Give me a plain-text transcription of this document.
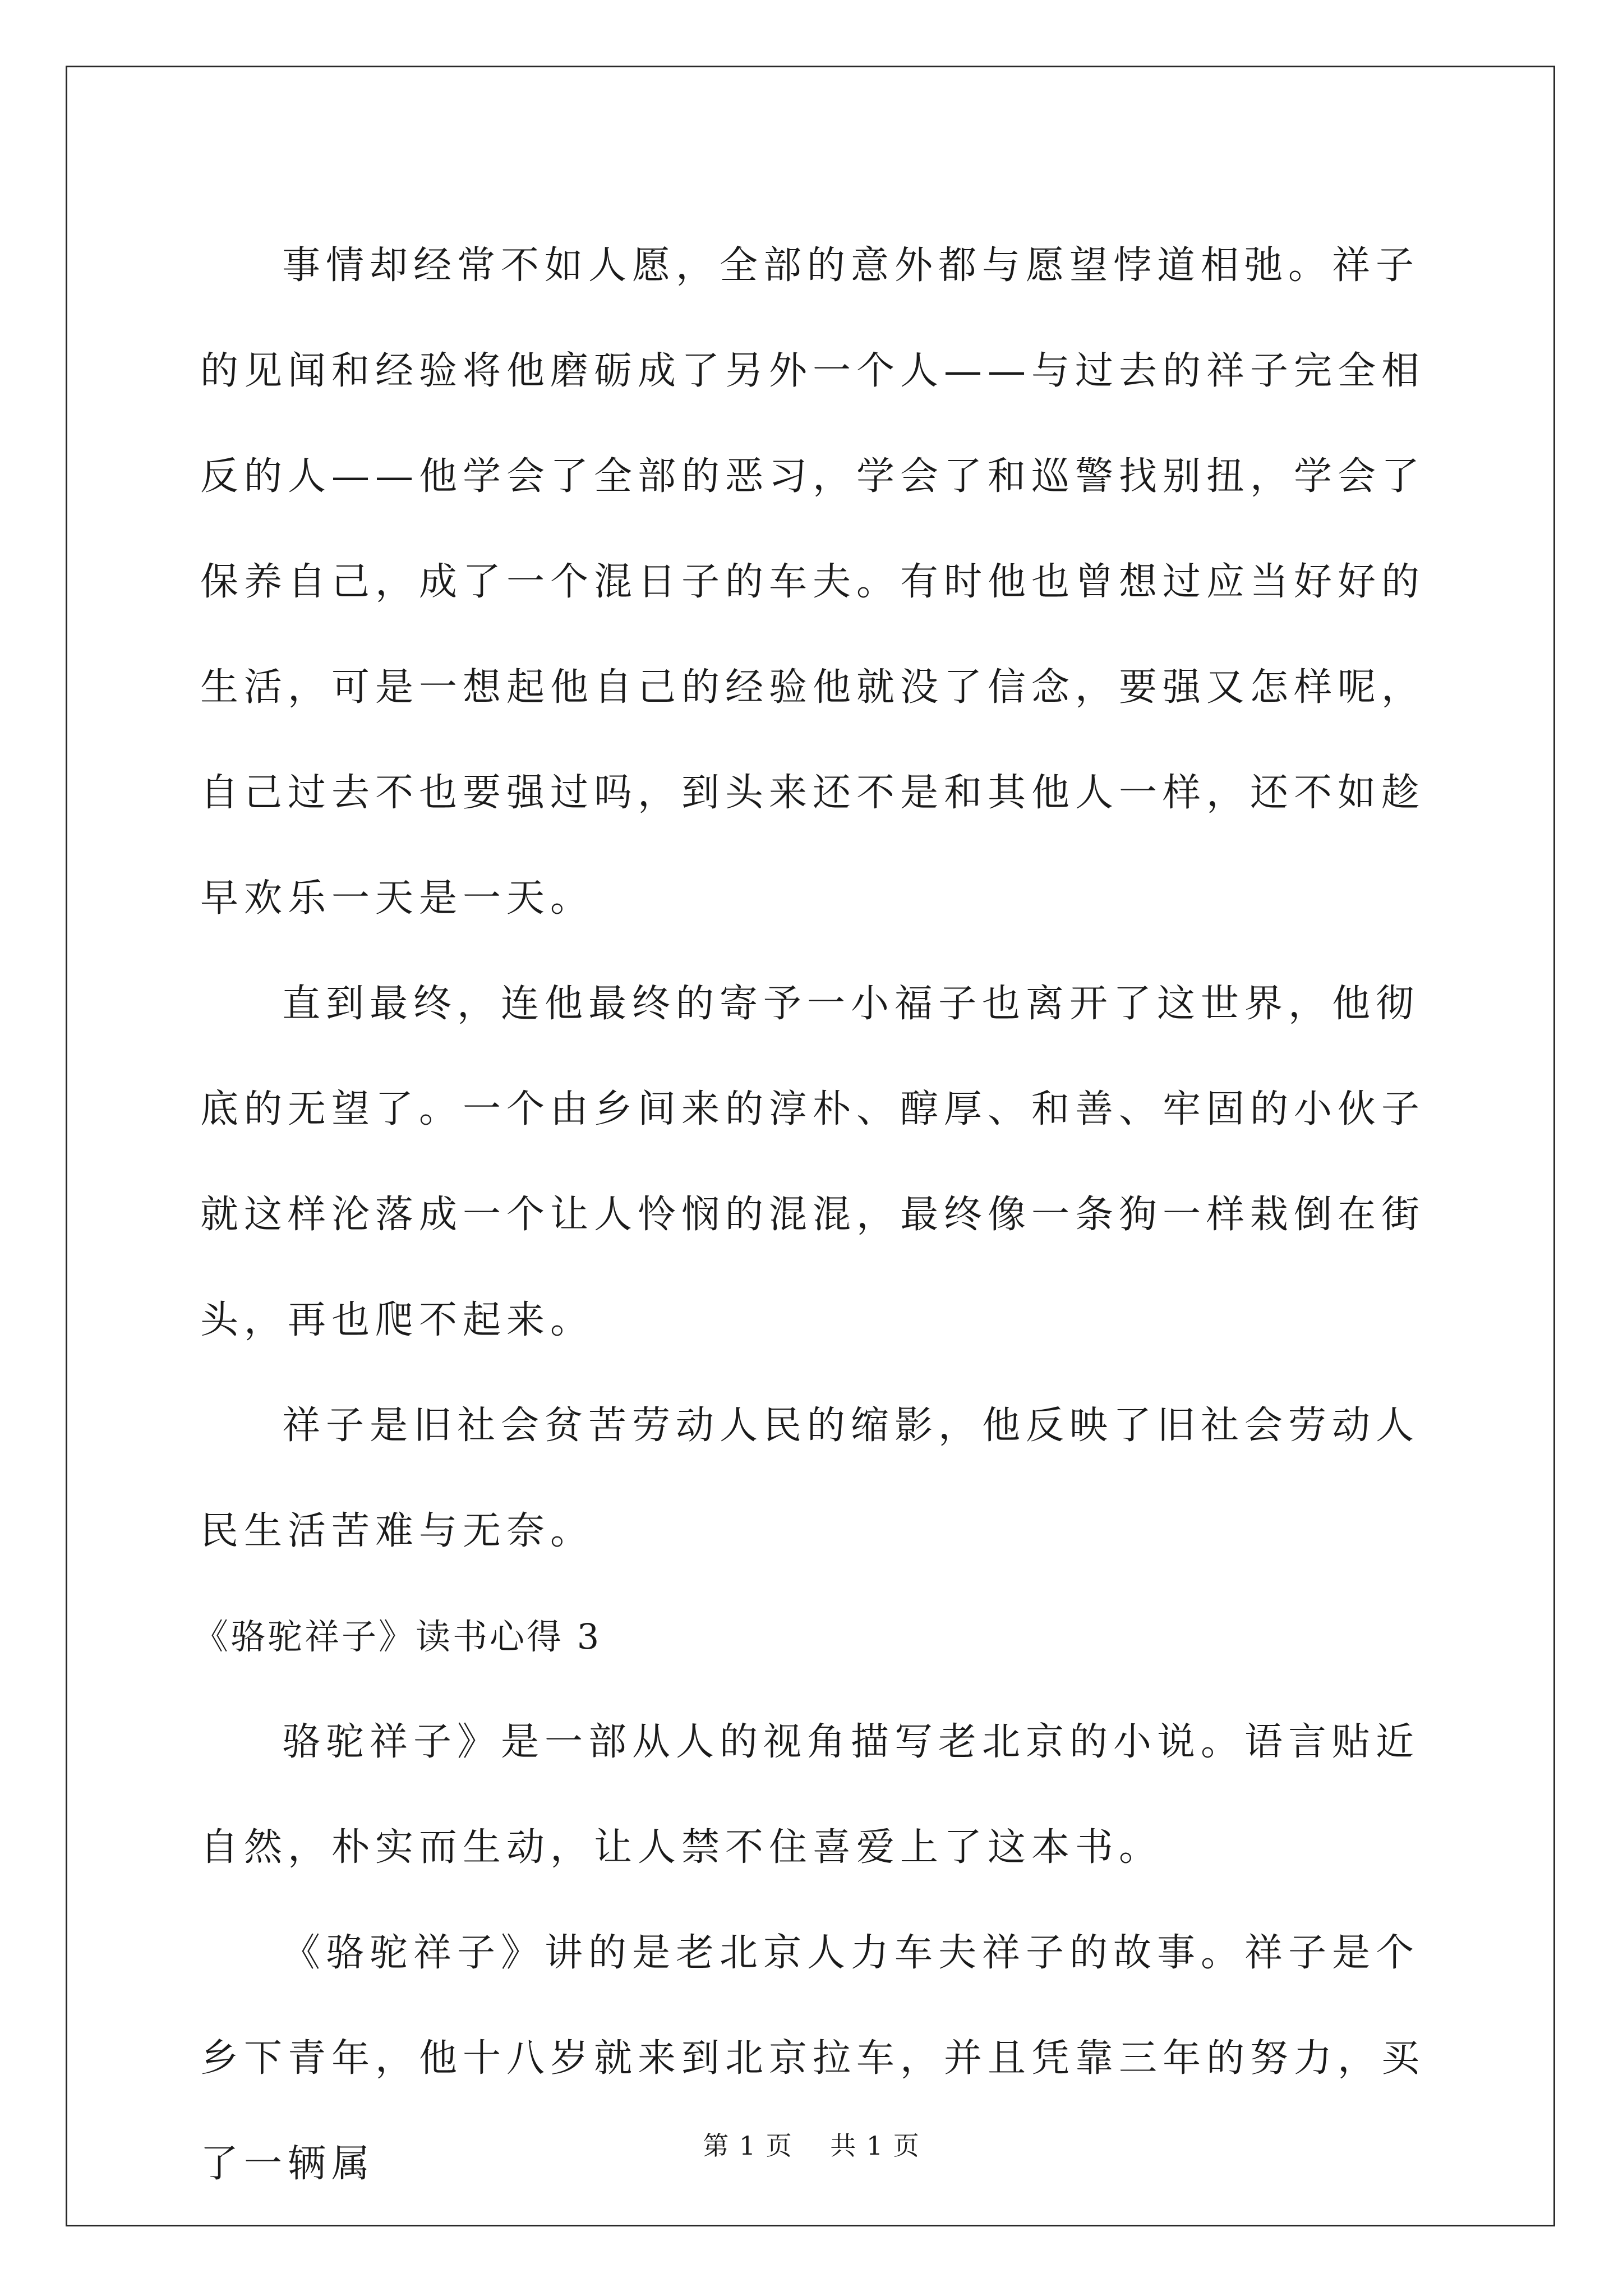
事情却经常不如人愿，全部的意外都与愿望悖道相弛。祥子的见闻和经验将他磨砺成了另外一个人——与过去的祥子完全相反的人——他学会了全部的恶习，学会了和巡警找别扭，学会了保养自己，成了一个混日子的车夫。有时他也曾想过应当好好的生活，可是一想起他自己的经验他就没了信念，要强又怎样呢，自己过去不也要强过吗，到头来还不是和其他人一样，还不如趁早欢乐一天是一天。

直到最终，连他最终的寄予一小福子也离开了这世界，他彻底的无望了。一个由乡间来的淳朴、醇厚、和善、牢固的小伙子就这样沦落成一个让人怜悯的混混，最终像一条狗一样栽倒在街头，再也爬不起来。

祥子是旧社会贫苦劳动人民的缩影，他反映了旧社会劳动人民生活苦难与无奈。

《骆驼祥子》读书心得 3

骆驼祥子》是一部从人的视角描写老北京的小说。语言贴近自然，朴实而生动，让人禁不住喜爱上了这本书。

《骆驼祥子》讲的是老北京人力车夫祥子的故事。祥子是个乡下青年，他十八岁就来到北京拉车，并且凭靠三年的努力，买了一辆属	第 1 页    共 1 页
